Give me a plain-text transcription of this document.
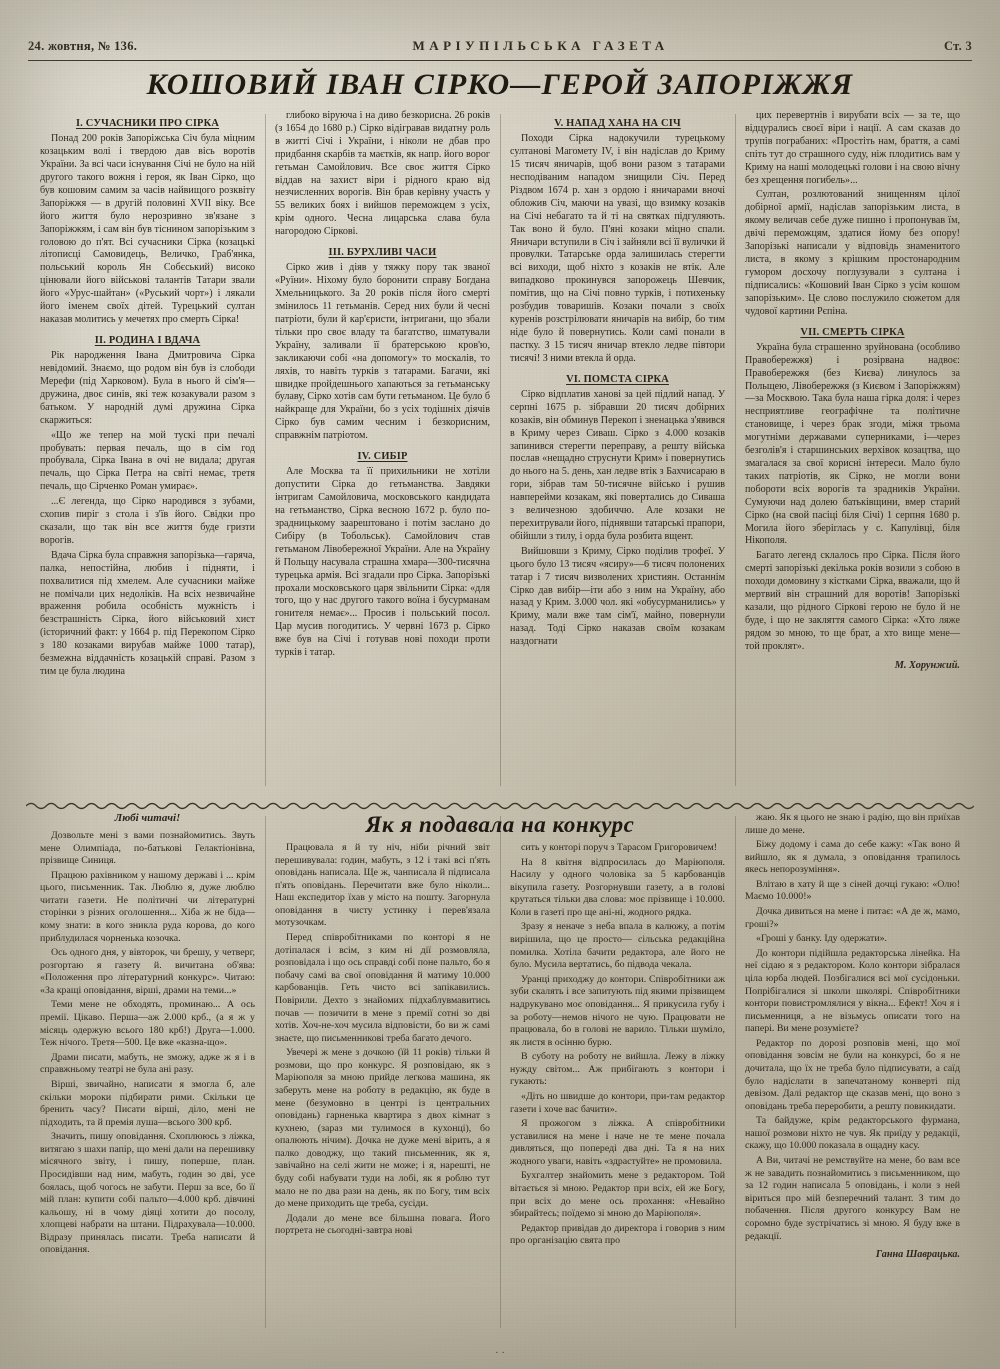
24. жовтня, № 136.	МАРІУПІЛЬСЬКА ГАЗЕТА	Ст. 3
КОШОВИЙ ІВАН СІРКО—ГЕРОЙ ЗАПОРІЖЖЯ
I. СУЧАСНИКИ ПРО СІРКА

Понад 200 років Запоріжська Січ була міцним козацьким волі і твердою дав вісь воротів України. За всі часи існування Січі не було на ній другого такого вожня і героя, як Іван Сірко, що був кошовим самим за часів найвищого розквіту Запоріжжя — в другій половині XVII віку. Все його життя було нерозривно зв'язане з Запоріжжям, і сам він був тіснином запорізьким з головою до п'ят. Всі сучасники Сірка (козацькі літописці Самовидець, Величко, Граб'янка, польський король Ян Собєський) високо цінювали його військові талантів Татари звали його «Урус-шайтан» («Руський чорт») і лякали його іменем своїх дітей. Турецький султан наказав молитись у мечетях про смерть Сірка!

II. РОДИНА І ВДАЧА

Рік народження Івана Дмитровича Сірка невідомий. Знаємо, що родом він був із слободи Мерефи (під Харковом). Була в нього й сім'я—дружина, двоє синів, які теж козакували разом з батьком. У народній думі дружина Сірка скаржиться:

«Що же тепер на мой тускі при печалі пробувать: первая печаль, що в сім год пробувала, Сірка Івана в очі не видала; другая печаль, що Сірка Петра на світі немає, третя печаль, що Сірченко Роман умирає».

...Є легенда, що Сірко народився з зубами, схопив пиріг з стола і з'їв його. Свідки про сказали, що так він все життя буде гризти ворогів.

Вдача Сірка була справжня запорізька—гаряча, палка, непостійна, любив і підняти, і похвалитися під хмелем. Але сучасники майже не помічали цих недоліків. На всіх незвичайне враження робила особність мужність і безстрашність Сірка, його військовий хист (історичний факт: у 1664 р. під Перекопом Сірко з 180 козаками вирубав майже 1000 татар), безмежна віддачність козацькій справі. Разом з тим це була людина

глибоко віруюча і на диво безкорисна. 26 років (з 1654 до 1680 р.) Сірко відігравав видатну роль в житті Січі і України, і ніколи не дбав про придбання скарбів та маєтків, як напр. його ворог гетьман Самойлович. Все своє життя Сірко віддав на захист віри і рідного краю від незчисленних ворогів. Він брав керівну участь у 55 великих боях і вийшов переможцем з усіх, крім одного. Чесна лицарська слава була нагородою Сіркові.

III. БУРХЛИВІ ЧАСИ

Сірко жив і діяв у тяжку пору так званої «Руїни». Ніхому було боронити справу Богдана Хмельницького. За 20 років після його смерті змінилось 11 гетьманів. Серед них були й чесні патріоти, були й кар'єристи, інтригани, що збали тільки про своє владу та багатство, шматували Україну, заливали її братерською кров'ю, закликаючи собі «на допомогу» то москалів, то ляхів, то навіть турків з татарами. Багачи, які швидке пройдешнього хапаються за гетьманську булаву, Сірко хотів сам бути гетьманом. Це було б найкраще для України, бо з усіх тодішніх діячів Сірко був самим чесним і безкорисним, справжнім патріотом.

IV. СИБІР

Але Москва та її прихильники не хотіли допустити Сірка до гетьманства. Завдяки інтригам Самойловича, московського кандидата на гетьманство, Сірка весною 1672 р. було по-зрадницькому заарештовано і потім заслано до Сибіру (в Тобольськ). Самойлович став гетьманом Лівобережної України. Але на Україну й Польщу насувала страшна хмара—300-тисячна турецька армія. Всі згадали про Сірка. Запорізькі прохали московського царя звільнити Сірка: «для того, що у нас другого такого воїна і бусурманам гонителя немає»... Просив і польський посол. Цар мусив погодитись. У червні 1673 р. Сірко вже був на Січі і готував нові походи проти турків і татар.

V. НАПАД ХАНА НА СІЧ

Походи Сірка надокучили турецькому султанові Магомету IV, і він надіслав до Криму 15 тисяч яничарів, щоб вони разом з татарами несподіваним нападом знищили Січ. Перед Різдвом 1674 р. хан з ордою і яничарами вночі обложив Січ, маючи на увазі, що взимку козаків на Січі небагато та й ті на святках підгуляють. Так воно й було. П'яні козаки міцно спали. Яничари вступили в Січ і зайняли всі її вулички й провулки. Татарське орда залишилась стерегти всі виходи, щоб ніхто з козаків не втік. Але випадково прокинувся запорожець Шевчик, помітив, що на Січі повно турків, і потихеньку розбудив товаришів. Козаки почали з своїх куренів розстрілювати яничарів на вибір, бо тим ніде було й повернутись. Коли самі понали в пастку. З 15 тисяч яничар втекло ледве півтори тисячі! З ними втекла й орда.

VI. ПОМСТА СІРКА

Сірко відплатив ханові за цей підлий напад. У серпні 1675 р. зібравши 20 тисяч добірних козаків, він обминув Перекоп і зненацька з'явився в Криму через Сиваш. Сірко з 4.000 козаків запинився стерегти переправу, а решту війська послав «нещадно струснути Крим» і повернутись до нього на 5. день, хан ледве втік з Бахчисараю в гори, зібрав там 50-тисячне військо і рушив навперейми козакам, які повертались до Сиваша з величезною здобиччю. Але козаки не перехитрували його, піднявши татарські прапори, обійшли з тилу, і орда була розбита вщент.

Вийшовши з Криму, Сірко поділив трофеї. У цього було 13 тисяч «ясиру»—6 тисяч полонених татар і 7 тисяч визволених християн. Останнім Сірко дав вибір—іти або з ним на Україну, або назад у Крим. З.000 чол. які «обусурманились» у Криму, мали вже там сім'ї, майно, повернули назад. Тоді Сірко наказав своїм козакам наздогнати

цих перевертнів і вирубати всіх — за те, що відцурались своєї віри і нації. А сам сказав до трупів пограбаних: «Простіть нам, браття, а самі спіть тут до страшного суду, ніж плодитись вам у Криму на наші молодецькі голови і на свою вічну без хрещення погибель»...

Султан, розлютований знищенням цілої добірної армії, надіслав запорізьким листа, в якому величав себе дуже пишно і пропонував їм, двічі переможцям, здатися йому без опору! Запорізькі написали у відповідь знаменитого листа, в якому з крішким простонародним гумором досхочу поглузували з султана і підписались: «Кошовий Іван Сірко з усім кошом запорізьким». Це слово послужило сюжетом для чудової картини Рєпіна.

VII. СМЕРТЬ СІРКА

Україна була страшенно зруйнована (особливо Правобережжя) і розірвана надвоє: Правобережжя (без Києва) линулось за Польщею, Лівобережжя (з Києвом і Запоріжжям)—за Москвою. Така була наша гірка доля: і через несприятливе географічне та політичне становище, і через брак згоди, міжя трьома могутніми державами суперниками, і—через безголів'я і старшинських верхівок козацтва, що змагалася за свої корисні інтереси. Мало було таких патріотів, як Сірко, не могли вони побороти всіх ворогів та зрадників України. Сумуючи над долею батьківщини, вмер старий Сірко (на свой пасіці біля Січі) 1 серпня 1680 р. Могила його зберіглась у с. Капулівці, біля Нікополя.

Багато легенд склалось про Сірка. Після його смерті запорізькі декілька років возили з собою в походи домовину з кістками Сірка, вважали, що й мертвий він страшний для воротів! Запорізькі казали, що рідного Сіркові герою не було й не буде, і що не закляття самого Сірка: «Хто ляже рядом зо мною, то ще брат, а хто вище мене— той проклят».

М. Хорунжий.
Як я подавала на конкурс
Любі читачі!

Дозвольте мені з вами познайомитись. Звуть мене Олимпіада, по-батькові Гелактіонівна, прізвище Синиця.

Працюю рахівником у нашому державі і ... крім цього, письменник. Так. Люблю я, дуже люблю читати газети. Не політичні чи літературні сторінки з різних оголошення... Хіба ж не біда— кому знати: в кого зникла руда корова, до кого приблудилася чорненька козочка.

Ось одного дня, у вівторок, чи брешу, у четверг, розгортаю я газету й. вичитана об'ява: «Положення про літературний конкурс». Читаю: «За кращі оповідання, вірші, драми на теми...»

Теми мене не обходять, проминаю... А ось премії. Цікаво. Перша—аж 2.000 крб., (а я ж у місяць одержую всього 180 крб!) Друга—1.000. Теж нічого. Третя—500. Це вже «казна-що».

Драми писати, мабуть, не зможу, адже ж я і в справжньому театрі не була ані разу.

Вірші, звичайно, написати я змогла б, але скільки мороки підбирати рими. Скільки це бренить часу? Писати вірші, діло, мені не підходить, та й премія луша—всього 300 крб.

Значить, пишу оповідання. Схоплююсь з ліжка, витягаю з шахи папір, що мені дали на перешивку місячного звіту, і пишу, поперше, план. Просидівши над ним, мабуть, годин зо дві, усе боялась, щоб чогось не забути. Перш за все, бо її мій план: купити собі пальто—4.000 крб. дівчині кальошу, ні в чому діяці хотити до посолу, хлопцеві набрати на штани. Підрахувала—10.000. Відразу принялась писати. Треба написати й оповідання.

Працювала я й ту ніч, ніби річний звіт перешивувала: годин, мабуть, з 12 і такі всі п'ять оповідань написала. Ще ж, чанписала й підписала п'ять оповідань. Перечитати вже було ніколи... Наш експедитор їхав у місто на пошту. Загорнула оповідання в чисту устинку і перев'язала мотузочкам.

Перед співробітниками по конторі я не дотіпалася і всім, з ким ні дії розмовляла, розповідала і що ось справді собі поне пальто, бо я побачу самі ва свої оповідання й матиму 10.000 карбованців. Геть чисто всі запікавились. Повірили. Дехто з знайомих підхаблувмавитись почав — позичити в мене з премії сотні зо дві хотів. Хоч-не-хоч мусила відповісти, бо ви ж самі знаєте, що письменникові треба багато дечого.

Увечері ж мене з дочкою (їй 11 років) тільки й розмови, що про конкурс. Я розповідаю, як з Маріюполя за мною прийде легкова машина, як заберуть мене на роботу в редакцію, як буде в мене (безумовно в центрі із центральних оповідань) гарненька квартира з двох кімнат з кухнею, (зараз ми тулимося в кухонці), бо опалюють нічим). Дочка не дуже мені вірить, а я палко доводжу, що такий письменник, як я, завічайно на селі жити не може; і я, нарешті, не буду собі набувати туди на лобі, як я роблю тут мало не по два рази на день, як по Богу, тим всіх до мене приходить ще треба, сусіди.

Додали до мене все більшна повага. Його портрета не сьогодні-завтра нові

сить у конторі поруч з Тарасом Григоровичем!

На 8 квітня відпросилась до Маріюполя. Насилу у одного чоловіка за 5 карбованців вікупила газету. Розгорнувши газету, а в голові крутаться тільки два слова: моє прізвище і 10.000. Коли в газеті про ще ані-ні, жодного рядка.

Зразу я неначе з неба впала в калюжу, а потім вирішила, що це просто— сільська редакційна помилка. Хотіла бачити редактора, але його не було. Мусила вертатись, бо підвода чекала.

Уранці приходжу до контори. Співробітники аж зуби скалять і все запитують під якими прізвищем надрукувано моє оповідання... Я прикусила губу і за роботу—немов нічого не чую. Працювати не працювала, бо в голові не варило. Тільки шуміло, як листя в осінню бурю.

В суботу на роботу не вийшла. Лежу в ліжку нужду світом... Аж прибігають з контори і гукають:

«Діть но швидше до контори, при-там редактор газети і хоче вас бачити».

Я прожогом з ліжка. А співробітники уставилися на мене і наче не те мене почала дивляться, що попереді два дні. Та я на них жодного уваги, навіть «здрастуйте» не промовила.

Бухгалтер знайомить мене з редактором. Той вітається зі мною. Редактор при всіх, ей же Богу, при всіх до мене ось прохання: «Невайно збирайтесь; поїдемо зі мною до Маріюполя».

Редактор привідав до директора і говорив з ним про організацію свята про

жаю. Як я цього не знаю і радію, що він приїхав лише до мене.

Біжу додому і сама до себе кажу: «Так воно й вийшло, як я думала, з оповідання трапилось якесь непорозуміння».

Влітаю в хату й ще з сіней дочці гукаю: «Олю! Маємо 10.000!»

Дочка дивиться на мене і питає: «А де ж, мамо, гроші?»

«Гроші у банку. Іду одержати».

До контори підійшла редакторська лінейка. На неї сідаю я з редактором. Коло контори зібралася ціла юрба людей. Позбігалися всі мої сусідоньки. Попрібігалися зі школи школярі. Співробітники контори повистромлялися у вікна... Ефект! Хоч я і письменниця, а не візьмусь описати того на папері. Ви мене розумієте?

Редактор по дорозі розповів мені, що мої оповідання зовсім не були на конкурсі, бо я не дочитала, що їх не треба було підписувати, а саїд було надіслати в запечатаному конверті під девізом. Далі редактор ще сказав мені, що воно з оповідань треба переробити, а решту повикидати.

Та байдуже, крім редакторського фурмана, нашої розмови ніхто не чув. Як приїду у редакції, скажу, що 10.000 показала в ощадну касу.

А Ви, читачі не ремствуйте на мене, бо вам все ж не завадить познайомитись з письменником, що за 12 годин написала 5 оповідань, і коли з ней віриться про мій безперечний талант. З тим до побачення. Після другого конкурсу Вам не соромно буде зустрічатись зі мною. Я буду вже в редакції.

Ганна Шаврацька.
· ·
